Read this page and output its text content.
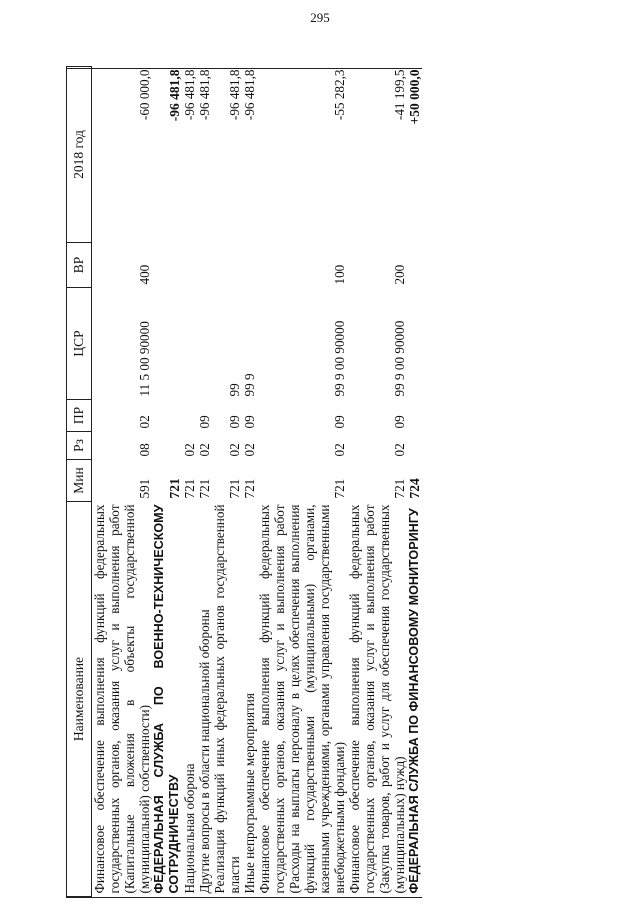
295
Наименование	Мин	Рз	ПР	ЦСР	ВР	2018 год
Финансовое обеспечение выполнения функций федеральных государственных органов, оказания услуг и выполнения работ (Капитальные вложения в объекты государственной (муниципальной) собственности)	591	08	02	11 5 00 90000	400	-60 000,0
ФЕДЕРАЛЬНАЯ СЛУЖБА ПО ВОЕННО-ТЕХНИЧЕСКОМУ СОТРУДНИЧЕСТВУ	721					-96 481,8
Национальная оборона	721	02				-96 481,8
Другие вопросы в области национальной обороны	721	02	09			-96 481,8
Реализация функций иных федеральных органов государственной власти	721	02	09	99		-96 481,8
Иные непрограммные мероприятия	721	02	09	99 9		-96 481,8
Финансовое обеспечение выполнения функций федеральных государственных органов, оказания услуг и выполнения работ (Расходы на выплаты персоналу в целях обеспечения выполнения функций государственными (муниципальными) органами, казенными учреждениями, органами управления государственными внебюджетными фондами)	721	02	09	99 9 00 90000	100	-55 282,3
Финансовое обеспечение выполнения функций федеральных государственных органов, оказания услуг и выполнения работ (Закупка товаров, работ и услуг для обеспечения государственных (муниципальных) нужд)	721	02	09	99 9 00 90000	200	-41 199,5
ФЕДЕРАЛЬНАЯ СЛУЖБА ПО ФИНАНСОВОМУ МОНИТОРИНГУ	724					+50 000,0
